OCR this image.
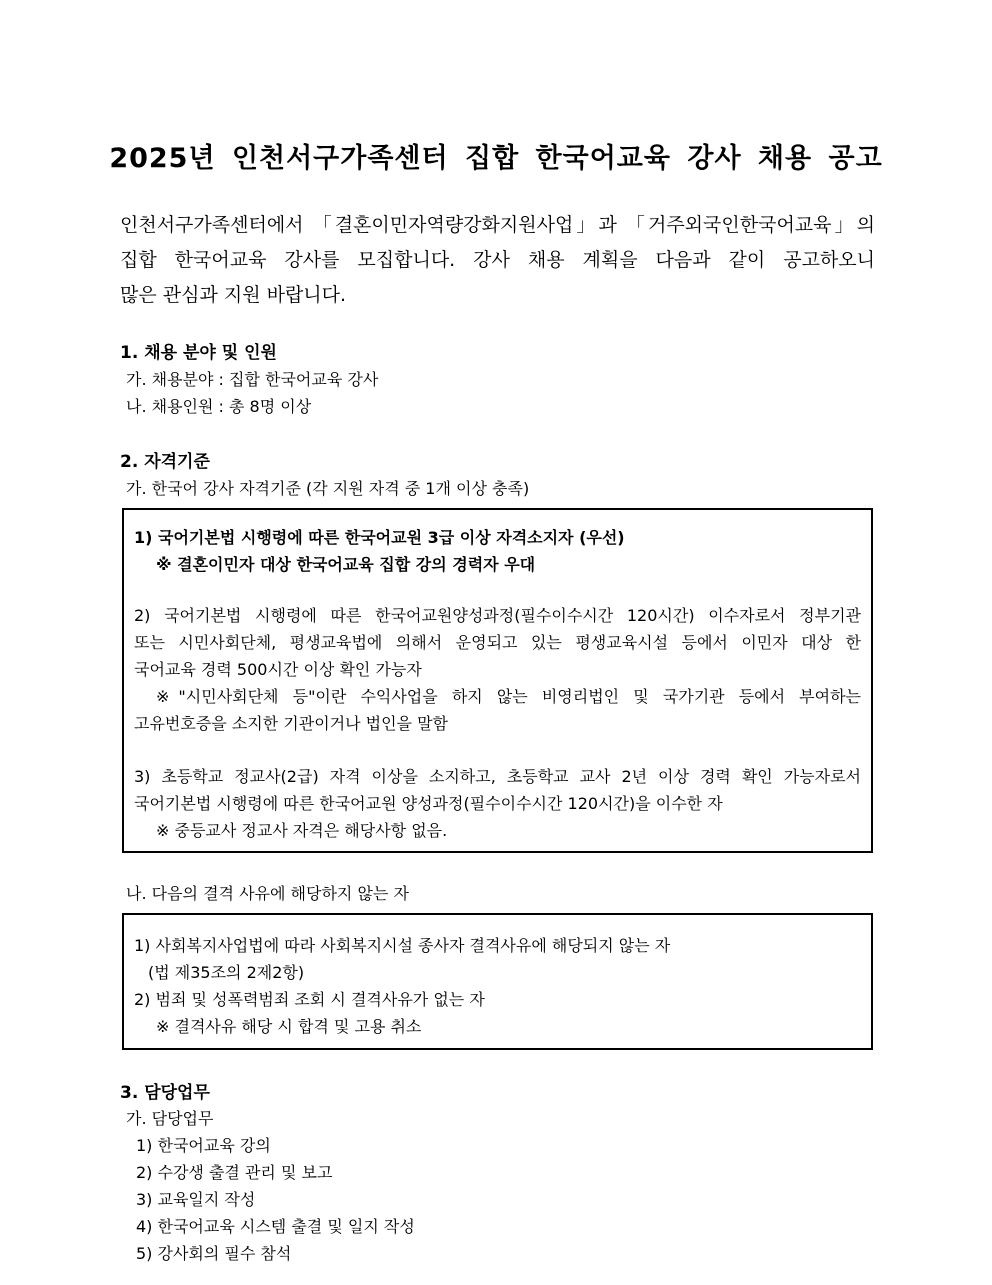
2025년 인천서구가족센터 집합 한국어교육 강사 채용 공고
인천서구가족센터에서 「결혼이민자역량강화지원사업」과 「거주외국인한국어교육」의
집합 한국어교육 강사를 모집합니다. 강사 채용 계획을 다음과 같이 공고하오니
많은 관심과 지원 바랍니다.
1. 채용 분야 및 인원
가. 채용분야 : 집합 한국어교육 강사
나. 채용인원 : 총 8명 이상
2. 자격기준
가. 한국어 강사 자격기준 (각 지원 자격 중 1개 이상 충족)
1) 국어기본법 시행령에 따른 한국어교원 3급 이상 자격소지자 (우선)
※ 결혼이민자 대상 한국어교육 집합 강의 경력자 우대
2) 국어기본법 시행령에 따른 한국어교원양성과정(필수이수시간 120시간) 이수자로서 정부기관
또는 시민사회단체, 평생교육법에 의해서 운영되고 있는 평생교육시설 등에서 이민자 대상 한
국어교육 경력 500시간 이상 확인 가능자
※"시민사회단체 등"이란 수익사업을 하지 않는 비영리법인 및 국가기관 등에서 부여하는
고유번호증을 소지한 기관이거나 법인을 말함
3) 초등학교 정교사(2급) 자격 이상을 소지하고, 초등학교 교사 2년 이상 경력 확인 가능자로서
국어기본법 시행령에 따른 한국어교원 양성과정(필수이수시간 120시간)을 이수한 자
※ 중등교사 정교사 자격은 해당사항 없음.
나. 다음의 결격 사유에 해당하지 않는 자
1) 사회복지사업법에 따라 사회복지시설 종사자 결격사유에 해당되지 않는 자
(법 제35조의 2제2항)
2) 범죄 및 성폭력범죄 조회 시 결격사유가 없는 자
※ 결격사유 해당 시 합격 및 고용 취소
3. 담당업무
가. 담당업무
1) 한국어교육 강의
2) 수강생 출결 관리 및 보고
3) 교육일지 작성
4) 한국어교육 시스템 출결 및 일지 작성
5) 강사회의 필수 참석
